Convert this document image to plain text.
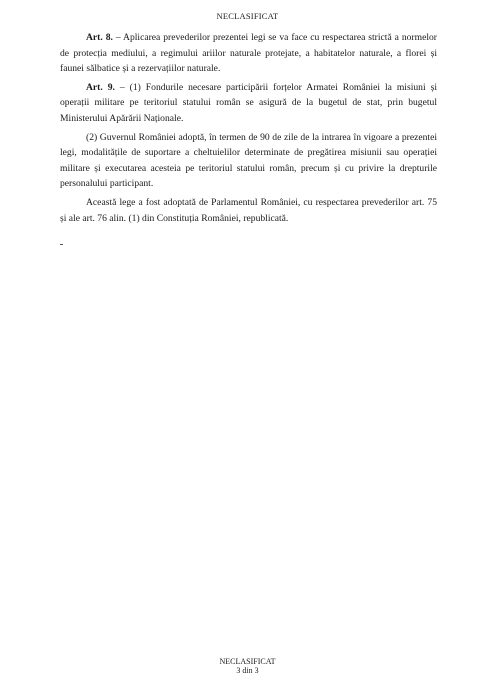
NECLASIFICAT

Art. 8. – Aplicarea prevederilor prezentei legi se va face cu respectarea strictă a normelor de protecția mediului, a regimului ariilor naturale protejate, a habitatelor naturale, a florei și faunei sălbatice și a rezervațiilor naturale.

Art. 9. – (1) Fondurile necesare participării forțelor Armatei României la misiuni și operații militare pe teritoriul statului român se asigură de la bugetul de stat, prin bugetul Ministerului Apărării Naționale.

(2) Guvernul României adoptă, în termen de 90 de zile de la intrarea în vigoare a prezentei legi, modalitățile de suportare a cheltuielilor determinate de pregătirea misiunii sau operației militare și executarea acesteia pe teritoriul statului român, precum și cu privire la drepturile personalului participant.

Această lege a fost adoptată de Parlamentul României, cu respectarea prevederilor art. 75 și ale art. 76 alin. (1) din Constituția României, republicată.

NECLASIFICAT
3 din 3
